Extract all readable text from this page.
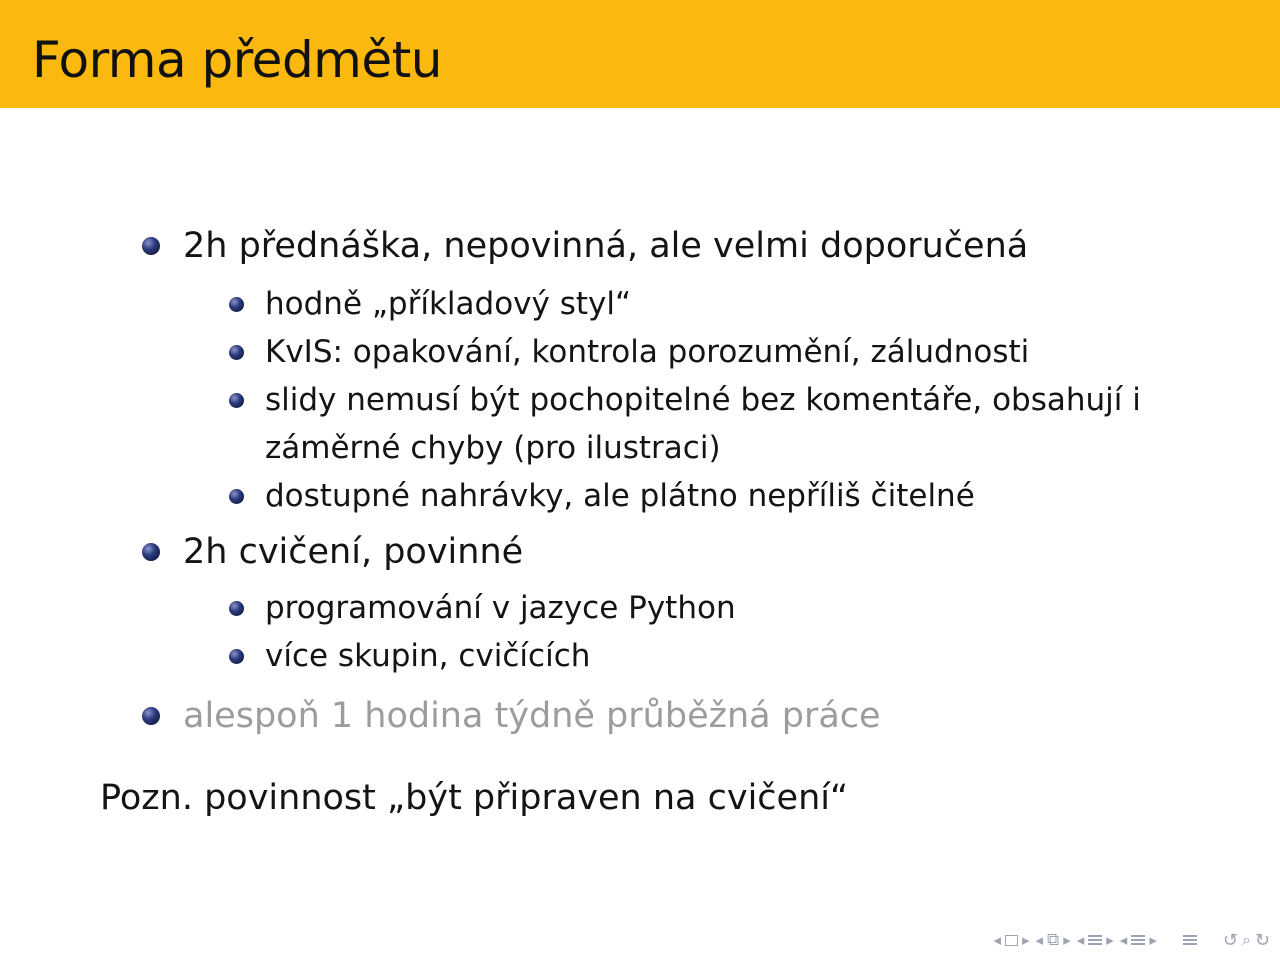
Forma předmětu
2h přednáška, nepovinná, ale velmi doporučená
hodně „příkladový styl“
KvIS: opakování, kontrola porozumění, záludnosti
slidy nemusí být pochopitelné bez komentáře, obsahují i
záměrné chyby (pro ilustraci)
dostupné nahrávky, ale plátno nepříliš čitelné
2h cvičení, povinné
programování v jazyce Python
více skupin, cvičících
alespoň 1 hodina týdně průběžná práce
Pozn. povinnost „být připraven na cvičení“
◂ ▸ ◂ ⧉ ▸ ◂ ▸ ◂ ▸	↺ ⌕ ↻
